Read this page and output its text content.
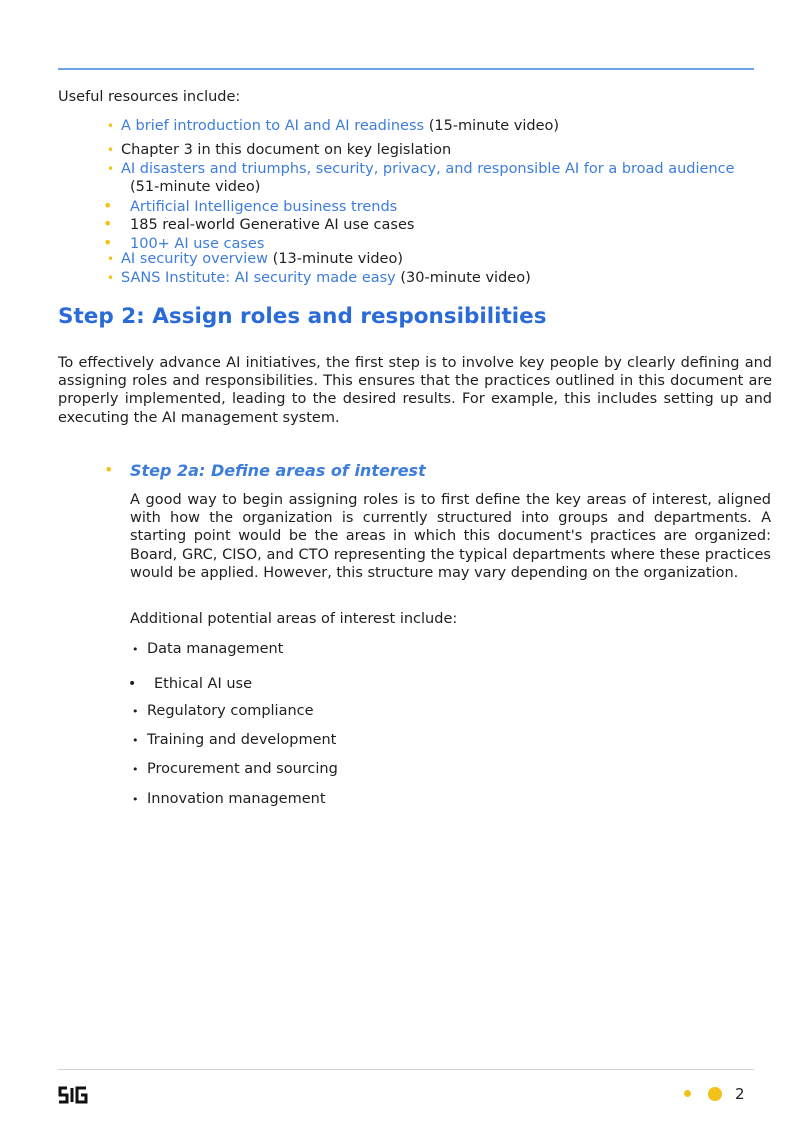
Useful resources include:
• A brief introduction to AI and AI readiness (15-minute video)
• Chapter 3 in this document on key legislation
• AI disasters and triumphs, security, privacy, and responsible AI for a broad audience
(51-minute video)
• Artificial Intelligence business trends
• 185 real-world Generative AI use cases
• 100+ AI use cases
• AI security overview (13-minute video)
• SANS Institute: AI security made easy (30-minute video)
Step 2: Assign roles and responsibilities

To effectively advance AI initiatives, the first step is to involve key people by clearly defining and assigning roles and responsibilities. This ensures that the practices outlined in this document are properly implemented, leading to the desired results. For example, this includes setting up and executing the AI management system.

• Step 2a: Define areas of interest

A good way to begin assigning roles is to first define the key areas of interest, aligned with how the organization is currently structured into groups and departments. A starting point would be the areas in which this document's practices are organized: Board, GRC, CISO, and CTO representing the typical departments where these practices would be applied. However, this structure may vary depending on the organization.

Additional potential areas of interest include:

• Data management
• Ethical AI use
• Regulatory compliance
• Training and development
• Procurement and sourcing
• Innovation management
2
